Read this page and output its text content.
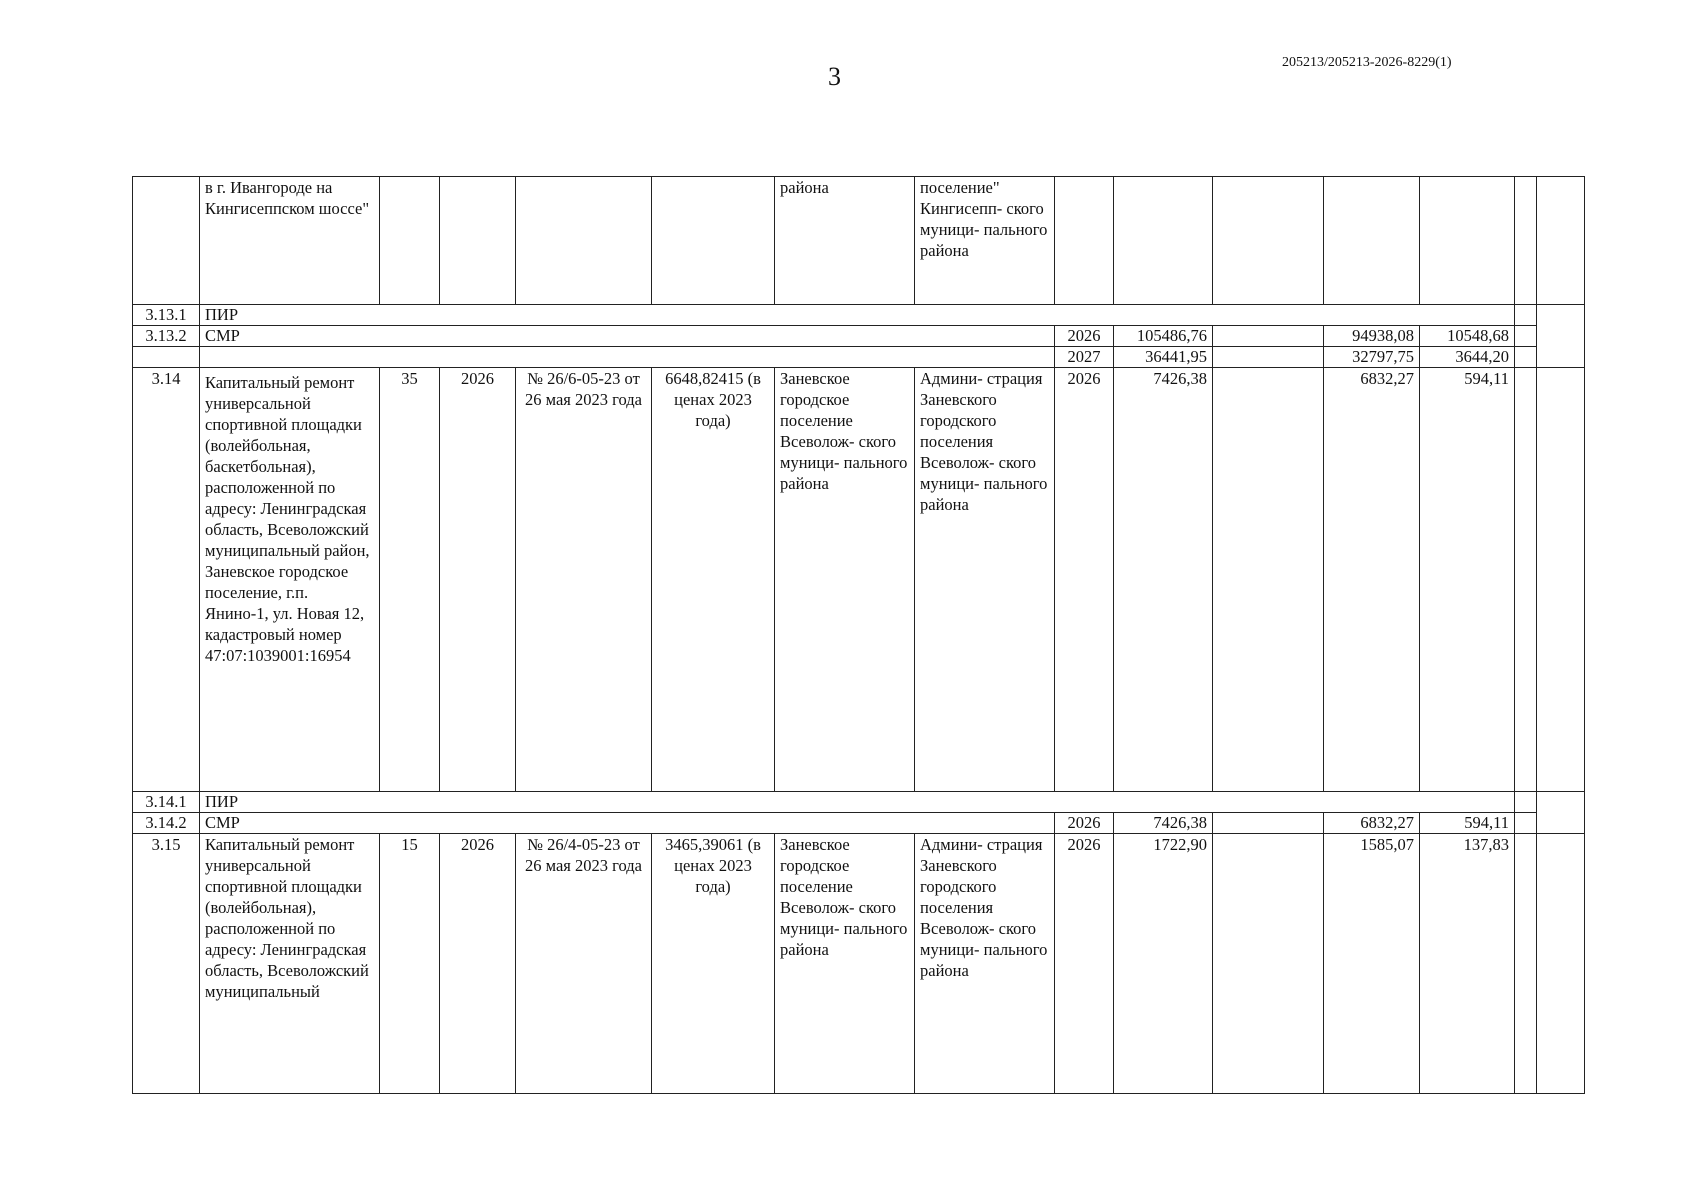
3	205213/205213-2026-8229(1)
	в г. Ивангороде на Кингисеппском шоссе"					района	поселение" Кингисепп- ского муници- пального района							
3.13.1	ПИР													
3.13.2	СМР							2026	105486,76		94938,08	10548,68		
								2027	36441,95		32797,75	3644,20		
3.14	Капитальный ремонт универсальной спортивной площадки (волейбольная, баскетбольная), расположенной по адресу: Ленинградская область, Всеволожский муниципальный район, Заневское городское поселение, г.п. Янино-1, ул. Новая 12, кадастровый номер 47:07:1039001:16954	35	2026	№ 26/6-05-23 от 26 мая 2023 года	6648,82415 (в ценах 2023 года)	Заневское городское поселение Всеволож- ского муници- пального района	Админи- страция Заневского городского поселения Всеволож- ского муници- пального района	2026	7426,38		6832,27	594,11		
3.14.1	ПИР													
3.14.2	СМР							2026	7426,38		6832,27	594,11		
3.15	Капитальный ремонт универсальной спортивной площадки (волейбольная), расположенной по адресу: Ленинградская область, Всеволожский муниципальный	15	2026	№ 26/4-05-23 от 26 мая 2023 года	3465,39061 (в ценах 2023 года)	Заневское городское поселение Всеволож- ского муници- пального района	Админи- страция Заневского городского поселения Всеволож- ского муници- пального района	2026	1722,90		1585,07	137,83		
